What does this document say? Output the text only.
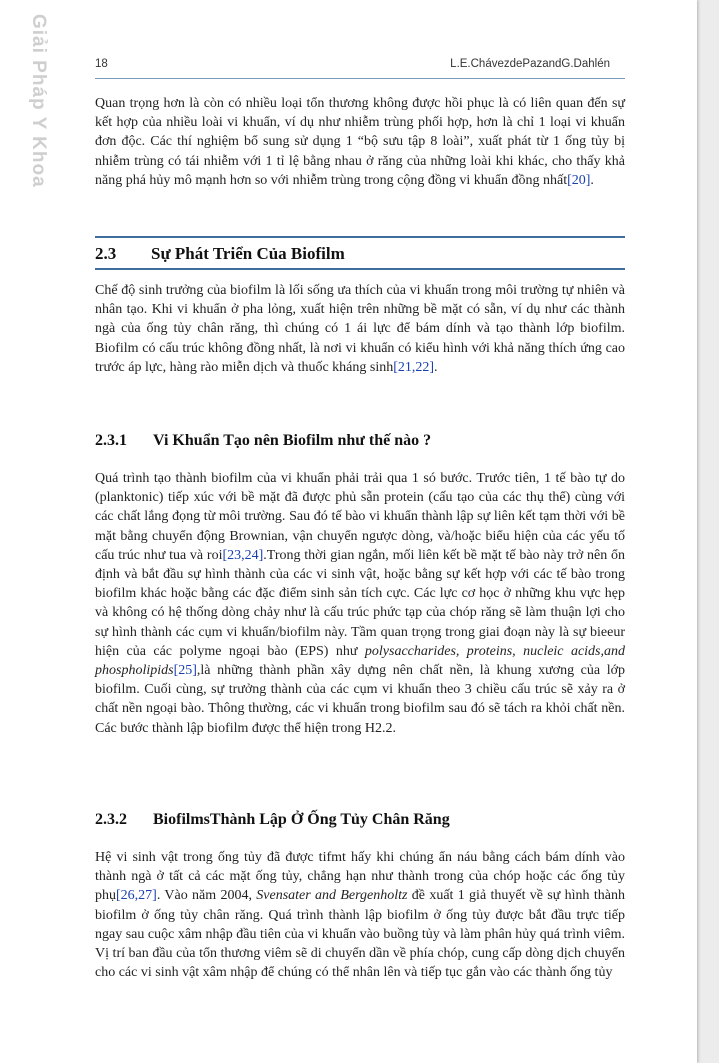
Giải Pháp Y Khoa	18	L.E.ChávezdePazandG.Dahlén

Quan trọng hơn là còn có nhiều loại tổn thương không được hồi phục là có liên quan đến sự kết hợp của nhiều loài vi khuẩn, ví dụ như nhiễm trùng phối hợp, hơn là chỉ 1 loại vi khuẩn đơn độc. Các thí nghiệm bổ sung sử dụng 1 “bộ sưu tập 8 loài”, xuất phát từ 1 ống tủy bị nhiễm trùng có tái nhiễm với 1 tỉ lệ bằng nhau ở răng của những loài khi khác, cho thấy khả năng phá hủy mô mạnh hơn so với nhiễm trùng trong cộng đồng vi khuẩn đồng nhất[20].

2.3 Sự Phát Triển Của Biofilm

Chế độ sinh trưởng của biofilm là lối sống ưa thích của vi khuẩn trong môi trường tự nhiên và nhân tạo. Khi vi khuẩn ở pha lỏng, xuất hiện trên những bề mặt có sẵn, ví dụ như các thành ngà của ống tủy chân răng, thì chúng có 1 ái lực để bám dính và tạo thành lớp biofilm. Biofilm có cấu trúc không đồng nhất, là nơi vi khuẩn có kiểu hình với khả năng thích ứng cao trước áp lực, hàng rào miễn dịch và thuốc kháng sinh[21,22].

2.3.1 Vi Khuẩn Tạo nên Biofilm như thế nào ?

Quá trình tạo thành biofilm của vi khuẩn phải trải qua 1 só bước. Trước tiên, 1 tế bào tự do (planktonic) tiếp xúc với bề mặt đã được phủ sẵn protein (cấu tạo của các thụ thể) cùng với các chất lắng đọng từ môi trường. Sau đó tế bào vi khuẩn thành lập sự liên kết tạm thời với bề mặt bằng chuyển động Brownian, vận chuyển ngược dòng, và/hoặc biểu hiện của các yếu tố cấu trúc như tua và roi[23,24].Trong thời gian ngắn, mối liên kết bề mặt tế bào này trở nên ổn định và bắt đầu sự hình thành của các vi sinh vật, hoặc bằng sự kết hợp với các tế bào trong biofilm khác hoặc bằng các đặc điểm sinh sản tích cực. Các lực cơ học ở những khu vực hẹp và không có hệ thống dòng chảy như là cấu trúc phức tạp của chóp răng sẽ làm thuận lợi cho sự hình thành các cụm vi khuẩn/biofilm này. Tầm quan trọng trong giai đoạn này là sự bieeur hiện của các polyme ngoại bào (EPS) như polysaccharides, proteins, nucleic acids,and phospholipids[25],là những thành phần xây dựng nên chất nền, là khung xương của lớp biofilm. Cuối cùng, sự trưởng thành của các cụm vi khuẩn theo 3 chiều cấu trúc sẽ xảy ra ở chất nền ngoại bào. Thông thường, các vi khuẩn trong biofilm sau đó sẽ tách ra khỏi chất nền. Các bước thành lập biofilm được thể hiện trong H2.2.

2.3.2 BiofilmsThành Lập Ở Ống Tủy Chân Răng

Hệ vi sinh vật trong ống tủy đã được tifmt hấy khi chúng ẩn náu bằng cách bám dính vào thành ngà ở tất cả các mặt ống tủy, chẳng hạn như thành trong của chóp hoặc các ống tủy phụ[26,27]. Vào năm 2004, Svensater and Bergenholtz đề xuất 1 giả thuyết về sự hình thành biofilm ở ống tủy chân răng. Quá trình thành lập biofilm ở ống tủy được bắt đầu trực tiếp ngay sau cuộc xâm nhập đầu tiên của vi khuẩn vào buồng tủy và làm phân hủy quá trình viêm. Vị trí ban đầu của tổn thương viêm sẽ di chuyển dần về phía chóp, cung cấp dòng dịch chuyển cho các vi sinh vật xâm nhập để chúng có thể nhân lên và tiếp tục gắn vào các thành ống tủy
